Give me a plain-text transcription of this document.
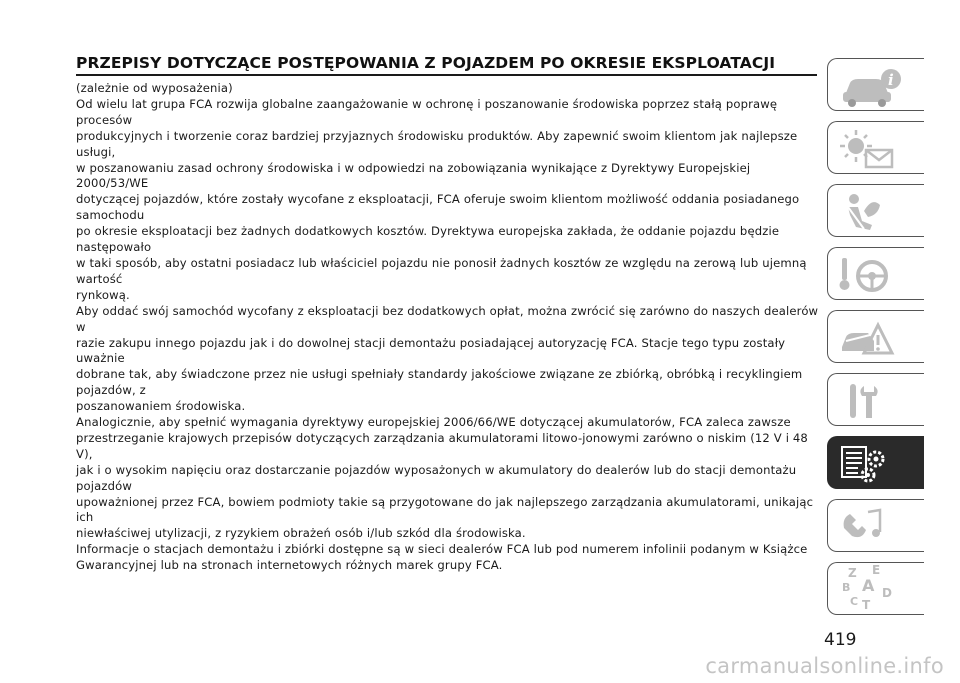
PRZEPISY DOTYCZĄCE POSTĘPOWANIA Z POJAZDEM PO OKRESIE EKSPLOATACJI

(zależnie od wyposażenia)

Od wielu lat grupa FCA rozwija globalne zaangażowanie w ochronę i poszanowanie środowiska poprzez stałą poprawę procesów

produkcyjnych i tworzenie coraz bardziej przyjaznych środowisku produktów. Aby zapewnić swoim klientom jak najlepsze usługi,

w poszanowaniu zasad ochrony środowiska i w odpowiedzi na zobowiązania wynikające z Dyrektywy Europejskiej 2000/53/WE

dotyczącej pojazdów, które zostały wycofane z eksploatacji, FCA oferuje swoim klientom możliwość oddania posiadanego samochodu

po okresie eksploatacji bez żadnych dodatkowych kosztów. Dyrektywa europejska zakłada, że oddanie pojazdu będzie następowało

w taki sposób, aby ostatni posiadacz lub właściciel pojazdu nie ponosił żadnych kosztów ze względu na zerową lub ujemną wartość

rynkową.

Aby oddać swój samochód wycofany z eksploatacji bez dodatkowych opłat, można zwrócić się zarówno do naszych dealerów w

razie zakupu innego pojazdu jak i do dowolnej stacji demontażu posiadającej autoryzację FCA. Stacje tego typu zostały uważnie

dobrane tak, aby świadczone przez nie usługi spełniały standardy jakościowe związane ze zbiórką, obróbką i recyklingiem pojazdów, z

poszanowaniem środowiska.

Analogicznie, aby spełnić wymagania dyrektywy europejskiej 2006/66/WE dotyczącej akumulatorów, FCA zaleca zawsze

przestrzeganie krajowych przepisów dotyczących zarządzania akumulatorami litowo-jonowymi zarówno o niskim (12 V i 48 V),

jak i o wysokim napięciu oraz dostarczanie pojazdów wyposażonych w akumulatory do dealerów lub do stacji demontażu pojazdów

upoważnionej przez FCA, bowiem podmioty takie są przygotowane do jak najlepszego zarządzania akumulatorami, unikając ich

niewłaściwej utylizacji, z ryzykiem obrażeń osób i/lub szkód dla środowiska.

Informacje o stacjach demontażu i zbiórki dostępne są w sieci dealerów FCA lub pod numerem infolinii podanym w Książce

Gwarancyjnej lub na stronach internetowych różnych marek grupy FCA.

i
Z E
B A
C T
D
419
carmanualsonline.info
